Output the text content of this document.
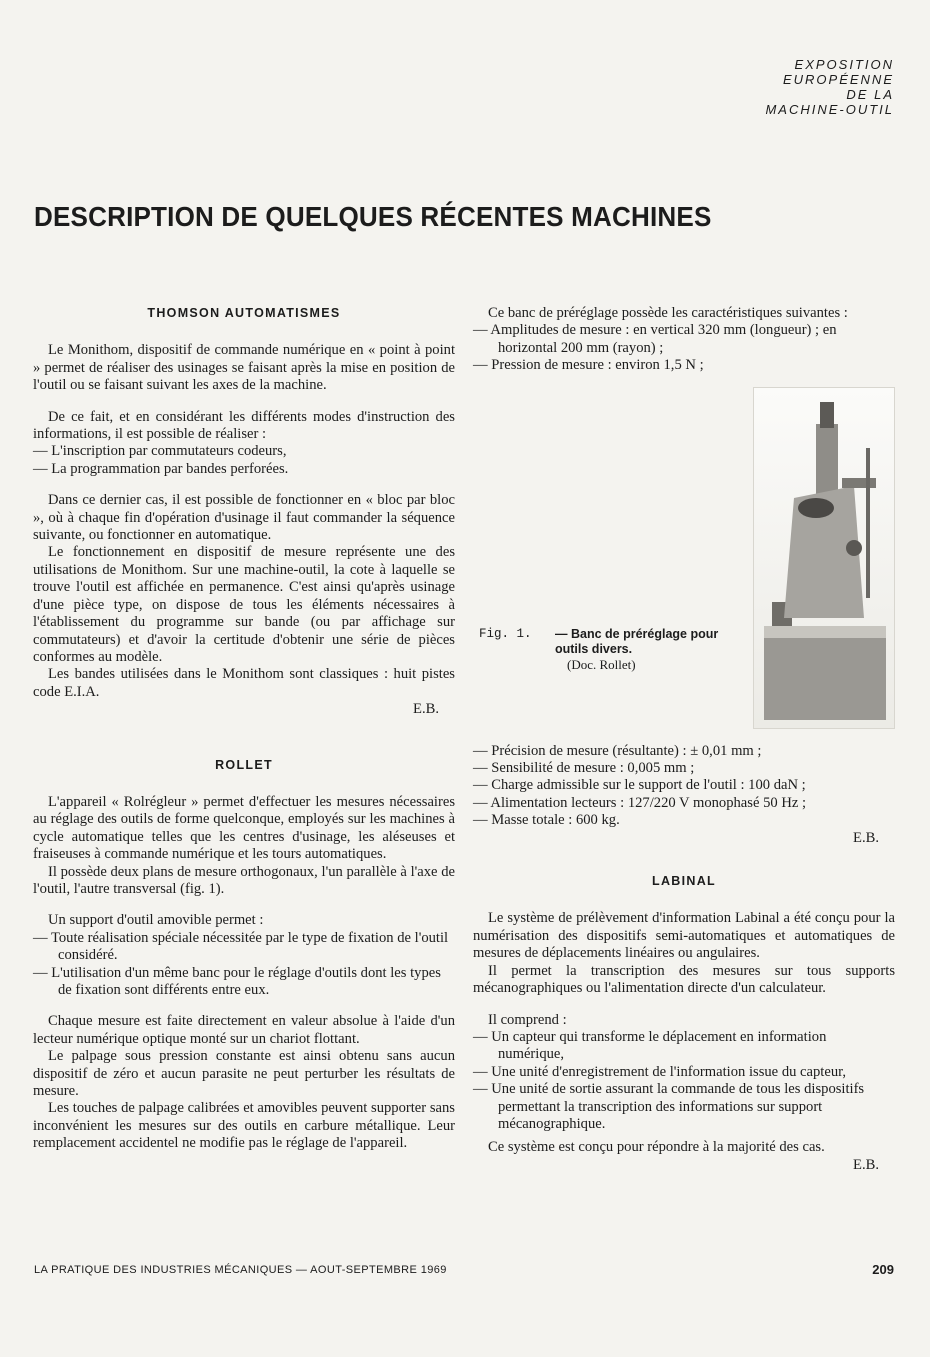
EXPOSITION
EUROPÉENNE
DE LA
MACHINE-OUTIL
DESCRIPTION DE QUELQUES RÉCENTES MACHINES
THOMSON AUTOMATISMES

Le Monithom, dispositif de commande numérique en « point à point » permet de réaliser des usinages se faisant après la mise en position de l'outil ou se faisant suivant les axes de la machine.

De ce fait, et en considérant les différents modes d'instruction des informations, il est possible de réaliser :

— L'inscription par commutateurs codeurs,

— La programmation par bandes perforées.

Dans ce dernier cas, il est possible de fonctionner en « bloc par bloc », où à chaque fin d'opération d'usinage il faut commander la séquence suivante, ou fonctionner en automatique.

Le fonctionnement en dispositif de mesure représente une des utilisations de Monithom. Sur une machine-outil, la cote à laquelle se trouve l'outil est affichée en permanence. C'est ainsi qu'après usinage d'une pièce type, on dispose de tous les éléments nécessaires à l'établissement du programme sur bande (ou par affichage sur commutateurs) et d'avoir la certitude d'obtenir une série de pièces conformes au modèle.

Les bandes utilisées dans le Monithom sont classiques : huit pistes code E.I.A.

E.B.

ROLLET

L'appareil « Rolrégleur » permet d'effectuer les mesures nécessaires au réglage des outils de forme quelconque, employés sur les machines à cycle automatique telles que les centres d'usinage, les aléseuses et fraiseuses à commande numérique et les tours automatiques.

Il possède deux plans de mesure orthogonaux, l'un parallèle à l'axe de l'outil, l'autre transversal (fig. 1).

Un support d'outil amovible permet :

— Toute réalisation spéciale nécessitée par le type de fixation de l'outil considéré.

— L'utilisation d'un même banc pour le réglage d'outils dont les types de fixation sont différents entre eux.

Chaque mesure est faite directement en valeur absolue à l'aide d'un lecteur numérique optique monté sur un chariot flottant.

Le palpage sous pression constante est ainsi obtenu sans aucun dispositif de zéro et aucun parasite ne peut perturber les résultats de mesure.

Les touches de palpage calibrées et amovibles peuvent supporter sans inconvénient les mesures sur des outils en carbure métallique. Leur remplacement accidentel ne modifie pas le réglage de l'appareil.

Ce banc de préréglage possède les caractéristiques suivantes :

— Amplitudes de mesure : en vertical 320 mm (longueur) ; en horizontal 200 mm (rayon) ;

— Pression de mesure : environ 1,5 N ;

Fig. 1. — Banc de préréglage pour outils divers.
(Doc. Rollet)

— Précision de mesure (résultante) : ± 0,01 mm ;

— Sensibilité de mesure : 0,005 mm ;

— Charge admissible sur le support de l'outil : 100 daN ;

— Alimentation lecteurs : 127/220 V monophasé 50 Hz ;

— Masse totale : 600 kg.

E.B.

LABINAL

Le système de prélèvement d'information Labinal a été conçu pour la numérisation des dispositifs semi-automatiques et automatiques de mesures de déplacements linéaires ou angulaires.

Il permet la transcription des mesures sur tous supports mécanographiques ou l'alimentation directe d'un calculateur.

Il comprend :

— Un capteur qui transforme le déplacement en information numérique,

— Une unité d'enregistrement de l'information issue du capteur,

— Une unité de sortie assurant la commande de tous les dispositifs permettant la transcription des informations sur support mécanographique.

Ce système est conçu pour répondre à la majorité des cas.

E.B.

LA PRATIQUE DES INDUSTRIES MÉCANIQUES — AOUT-SEPTEMBRE 1969	209
